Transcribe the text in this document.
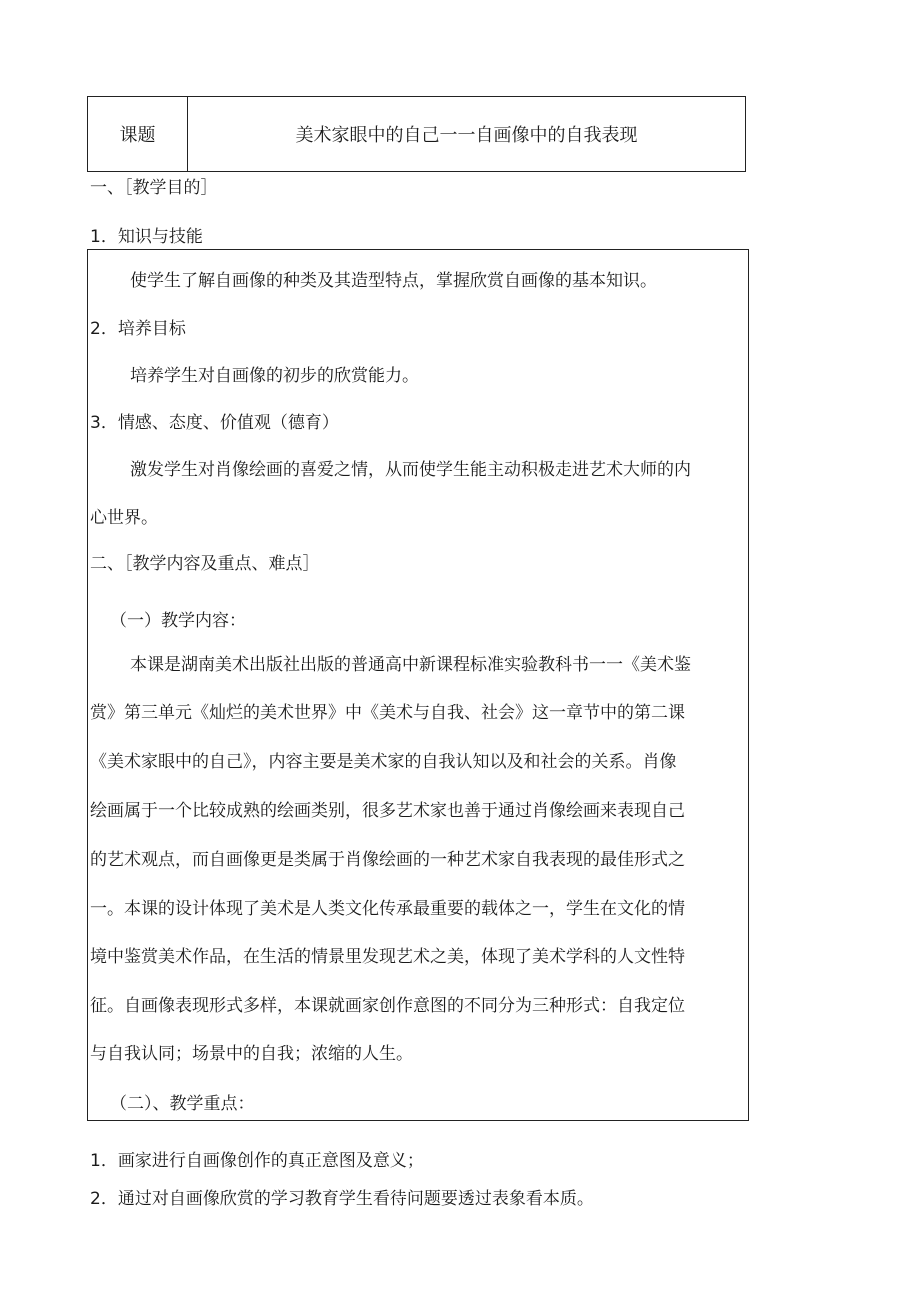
课题	美术家眼中的自己一一自画像中的自我表现
一、［教学目的］
1．知识与技能
使学生了解自画像的种类及其造型特点，掌握欣赏自画像的基本知识。
2．培养目标
培养学生对自画像的初步的欣赏能力。
3．情感、态度、价值观（德育）
激发学生对肖像绘画的喜爱之情，从而使学生能主动积极走进艺术大师的内
心世界。
二、［教学内容及重点、难点］
（一）教学内容：
本课是湖南美术出版社出版的普通高中新课程标准实验教科书一一《美术鉴
赏》第三单元《灿烂的美术世界》中《美术与自我、社会》这一章节中的第二课
《美术家眼中的自己》，内容主要是美术家的自我认知以及和社会的关系。肖像
绘画属于一个比较成熟的绘画类别，很多艺术家也善于通过肖像绘画来表现自己
的艺术观点，而自画像更是类属于肖像绘画的一种艺术家自我表现的最佳形式之
一。本课的设计体现了美术是人类文化传承最重要的载体之一，学生在文化的情
境中鉴赏美术作品，在生活的情景里发现艺术之美，体现了美术学科的人文性特
征。自画像表现形式多样，本课就画家创作意图的不同分为三种形式：自我定位
与自我认同；场景中的自我；浓缩的人生。
（二）、教学重点：
1．画家进行自画像创作的真正意图及意义；
2．通过对自画像欣赏的学习教育学生看待问题要透过表象看本质。
